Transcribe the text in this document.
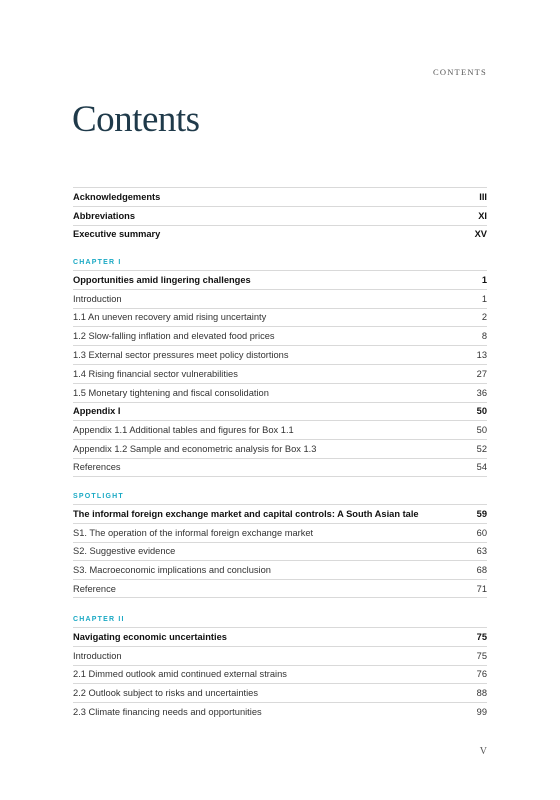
CONTENTS
Contents
Acknowledgements	III
Abbreviations	XI
Executive summary	XV
CHAPTER I
Opportunities amid lingering challenges	1
Introduction	1
1.1 An uneven recovery amid rising uncertainty	2
1.2 Slow-falling inflation and elevated food prices	8
1.3 External sector pressures meet policy distortions	13
1.4 Rising financial sector vulnerabilities	27
1.5 Monetary tightening and fiscal consolidation	36
Appendix I	50
Appendix 1.1 Additional tables and figures for Box 1.1	50
Appendix 1.2 Sample and econometric analysis for Box 1.3	52
References	54
SPOTLIGHT
The informal foreign exchange market and capital controls: A South Asian tale	59
S1. The operation of the informal foreign exchange market	60
S2. Suggestive evidence	63
S3. Macroeconomic implications and conclusion	68
Reference	71
CHAPTER II
Navigating economic uncertainties	75
Introduction	75
2.1 Dimmed outlook amid continued external strains	76
2.2 Outlook subject to risks and uncertainties	88
2.3 Climate financing needs and opportunities	99
V
